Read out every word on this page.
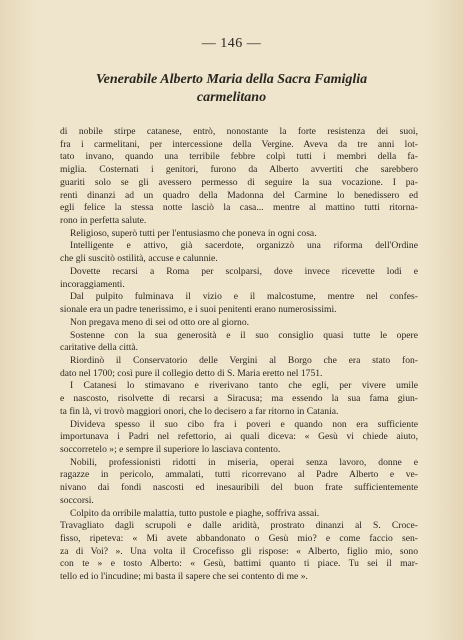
— 146 —
Venerabile Alberto Maria della Sacra Famiglia
carmelitano
di nobile stirpe catanese, entrò, nonostante la forte resistenza dei suoi,
fra i carmelitani, per intercessione della Vergine. Aveva da tre anni lot-
tato invano, quando una terribile febbre colpì tutti i membri della fa-
miglia. Costernati i genitori, furono da Alberto avvertiti che sarebbero
guariti solo se gli avessero permesso di seguire la sua vocazione. I pa-
renti dinanzi ad un quadro della Madonna del Carmine lo benedissero ed
egli felice la stessa notte lasciò la casa... mentre al mattino tutti ritorna-
rono in perfetta salute.
Religioso, superò tutti per l'entusiasmo che poneva in ogni cosa.
Intelligente e attivo, già sacerdote, organizzò una riforma dell'Ordine
che gli suscitò ostilità, accuse e calunnie.
Dovette recarsi a Roma per scolparsi, dove invece ricevette lodi e
incoraggiamenti.
Dal pulpito fulminava il vizio e il malcostume, mentre nel confes-
sionale era un padre tenerissimo, e i suoi penitenti erano numerosissimi.
Non pregava meno di sei od otto ore al giorno.
Sostenne con la sua generosità e il suo consiglio quasi tutte le opere
caritative della città.
Riordinò il Conservatorio delle Vergini al Borgo che era stato fon-
dato nel 1700; così pure il collegio detto di S. Maria eretto nel 1751.
I Catanesi lo stimavano e riverivano tanto che egli, per vivere umile
e nascosto, risolvette di recarsi a Siracusa; ma essendo la sua fama giun-
ta fin là, vi trovò maggiori onori, che lo decisero a far ritorno in Catania.
Divideva spesso il suo cibo fra i poveri e quando non era sufficiente
importunava i Padri nel refettorio, ai quali diceva: « Gesù vi chiede aiuto,
soccorretelo »; e sempre il superiore lo lasciava contento.
Nobili, professionisti ridotti in miseria, operai senza lavoro, donne e
ragazze in pericolo, ammalati, tutti ricorrevano al Padre Alberto e ve-
nivano dai fondi nascosti ed inesauribili del buon frate sufficientemente
soccorsi.
Colpito da orribile malattia, tutto pustole e piaghe, soffriva assai.
Travagliato dagli scrupoli e dalle aridità, prostrato dinanzi al S. Croce-
fisso, ripeteva: « Mi avete abbandonato o Gesù mio? e come faccio sen-
za di Voi? ». Una volta il Crocefisso gli rispose: « Alberto, figlio mio, sono
con te » e tosto Alberto: « Gesù, battimi quanto ti piace. Tu sei il mar-
tello ed io l'incudine; mi basta il sapere che sei contento di me ».
